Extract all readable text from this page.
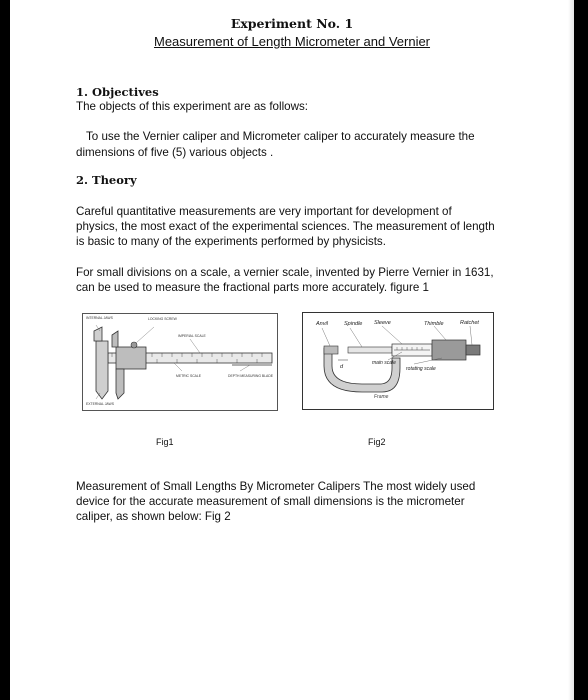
Experiment No. 1
Measurement of Length Micrometer and Vernier
1. Objectives
The objects of this experiment are as follows:
To use the Vernier caliper and Micrometer caliper to accurately measure the
dimensions of five (5) various objects .
2. Theory
Careful quantitative measurements are very important for development of
physics, the most exact of the experimental sciences. The measurement of length
is basic to many of the experiments performed by physicists.
For small divisions on a scale, a vernier scale, invented by Pierre Vernier in 1631,
can be used to measure the fractional parts more accurately. figure 1
INTERNAL JAWS	LOCKING SCREW
IMPERIAL SCALE
METRIC SCALE	DEPTH MEASURING BLADE
EXTERNAL JAWS
Anvil	Spindle Sleeve	Thimble	Ratchet
d
main scale
rotating scale
Frame
Fig1	Fig2
Measurement of Small Lengths By Micrometer Calipers The most widely used
device for the accurate measurement of small dimensions is the micrometer
caliper, as shown below: Fig 2
